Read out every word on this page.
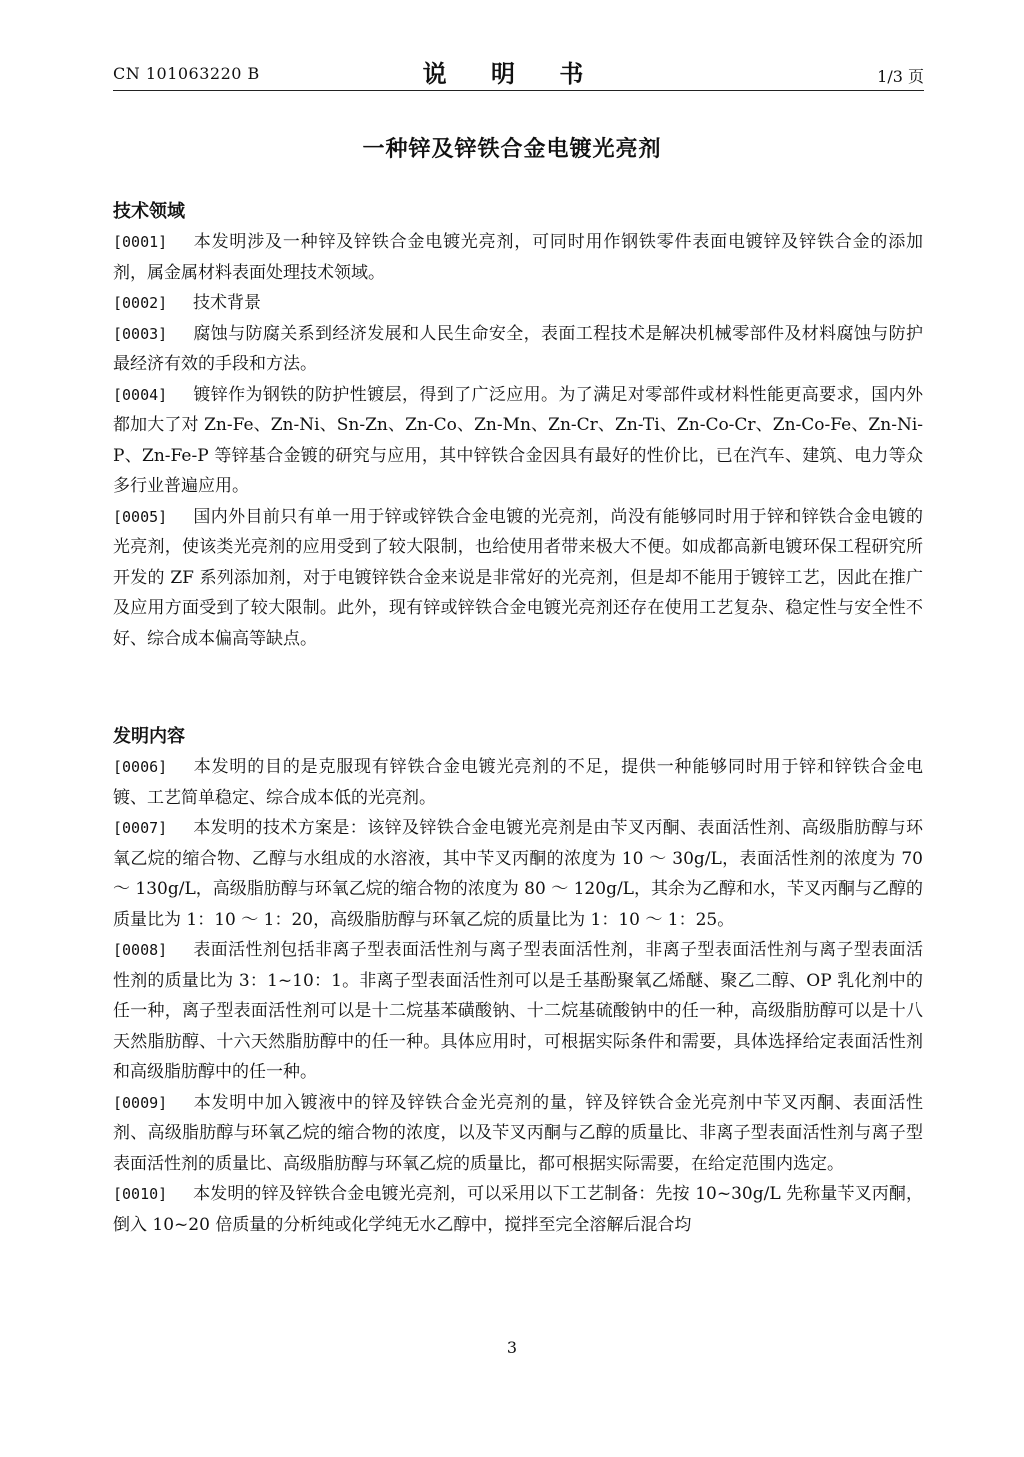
CN 101063220 B	说 明 书	1/3 页
一种锌及锌铁合金电镀光亮剂

技术领域

[0001] 本发明涉及一种锌及锌铁合金电镀光亮剂，可同时用作钢铁零件表面电镀锌及锌铁合金的添加剂，属金属材料表面处理技术领域。

[0002] 技术背景

[0003] 腐蚀与防腐关系到经济发展和人民生命安全，表面工程技术是解决机械零部件及材料腐蚀与防护最经济有效的手段和方法。

[0004] 镀锌作为钢铁的防护性镀层，得到了广泛应用。为了满足对零部件或材料性能更高要求，国内外都加大了对 Zn-Fe、Zn-Ni、Sn-Zn、Zn-Co、Zn-Mn、Zn-Cr、Zn-Ti、Zn-Co-Cr、Zn-Co-Fe、Zn-Ni-P、Zn-Fe-P 等锌基合金镀的研究与应用，其中锌铁合金因具有最好的性价比，已在汽车、建筑、电力等众多行业普遍应用。

[0005] 国内外目前只有单一用于锌或锌铁合金电镀的光亮剂，尚没有能够同时用于锌和锌铁合金电镀的光亮剂，使该类光亮剂的应用受到了较大限制，也给使用者带来极大不便。如成都高新电镀环保工程研究所开发的 ZF 系列添加剂，对于电镀锌铁合金来说是非常好的光亮剂，但是却不能用于镀锌工艺，因此在推广及应用方面受到了较大限制。此外，现有锌或锌铁合金电镀光亮剂还存在使用工艺复杂、稳定性与安全性不好、综合成本偏高等缺点。

发明内容

[0006] 本发明的目的是克服现有锌铁合金电镀光亮剂的不足，提供一种能够同时用于锌和锌铁合金电镀、工艺简单稳定、综合成本低的光亮剂。

[0007] 本发明的技术方案是：该锌及锌铁合金电镀光亮剂是由苄叉丙酮、表面活性剂、高级脂肪醇与环氧乙烷的缩合物、乙醇与水组成的水溶液，其中苄叉丙酮的浓度为 10 ～ 30g/L，表面活性剂的浓度为 70 ～ 130g/L，高级脂肪醇与环氧乙烷的缩合物的浓度为 80 ～ 120g/L，其余为乙醇和水，苄叉丙酮与乙醇的质量比为 1：10 ～ 1：20，高级脂肪醇与环氧乙烷的质量比为 1：10 ～ 1：25。

[0008] 表面活性剂包括非离子型表面活性剂与离子型表面活性剂，非离子型表面活性剂与离子型表面活性剂的质量比为 3：1~10：1。非离子型表面活性剂可以是壬基酚聚氧乙烯醚、聚乙二醇、OP 乳化剂中的任一种，离子型表面活性剂可以是十二烷基苯磺酸钠、十二烷基硫酸钠中的任一种，高级脂肪醇可以是十八天然脂肪醇、十六天然脂肪醇中的任一种。具体应用时，可根据实际条件和需要，具体选择给定表面活性剂和高级脂肪醇中的任一种。

[0009] 本发明中加入镀液中的锌及锌铁合金光亮剂的量，锌及锌铁合金光亮剂中苄叉丙酮、表面活性剂、高级脂肪醇与环氧乙烷的缩合物的浓度，以及苄叉丙酮与乙醇的质量比、非离子型表面活性剂与离子型表面活性剂的质量比、高级脂肪醇与环氧乙烷的质量比，都可根据实际需要，在给定范围内选定。

[0010] 本发明的锌及锌铁合金电镀光亮剂，可以采用以下工艺制备：先按 10~30g/L 先称量苄叉丙酮，倒入 10~20 倍质量的分析纯或化学纯无水乙醇中，搅拌至完全溶解后混合均

3
